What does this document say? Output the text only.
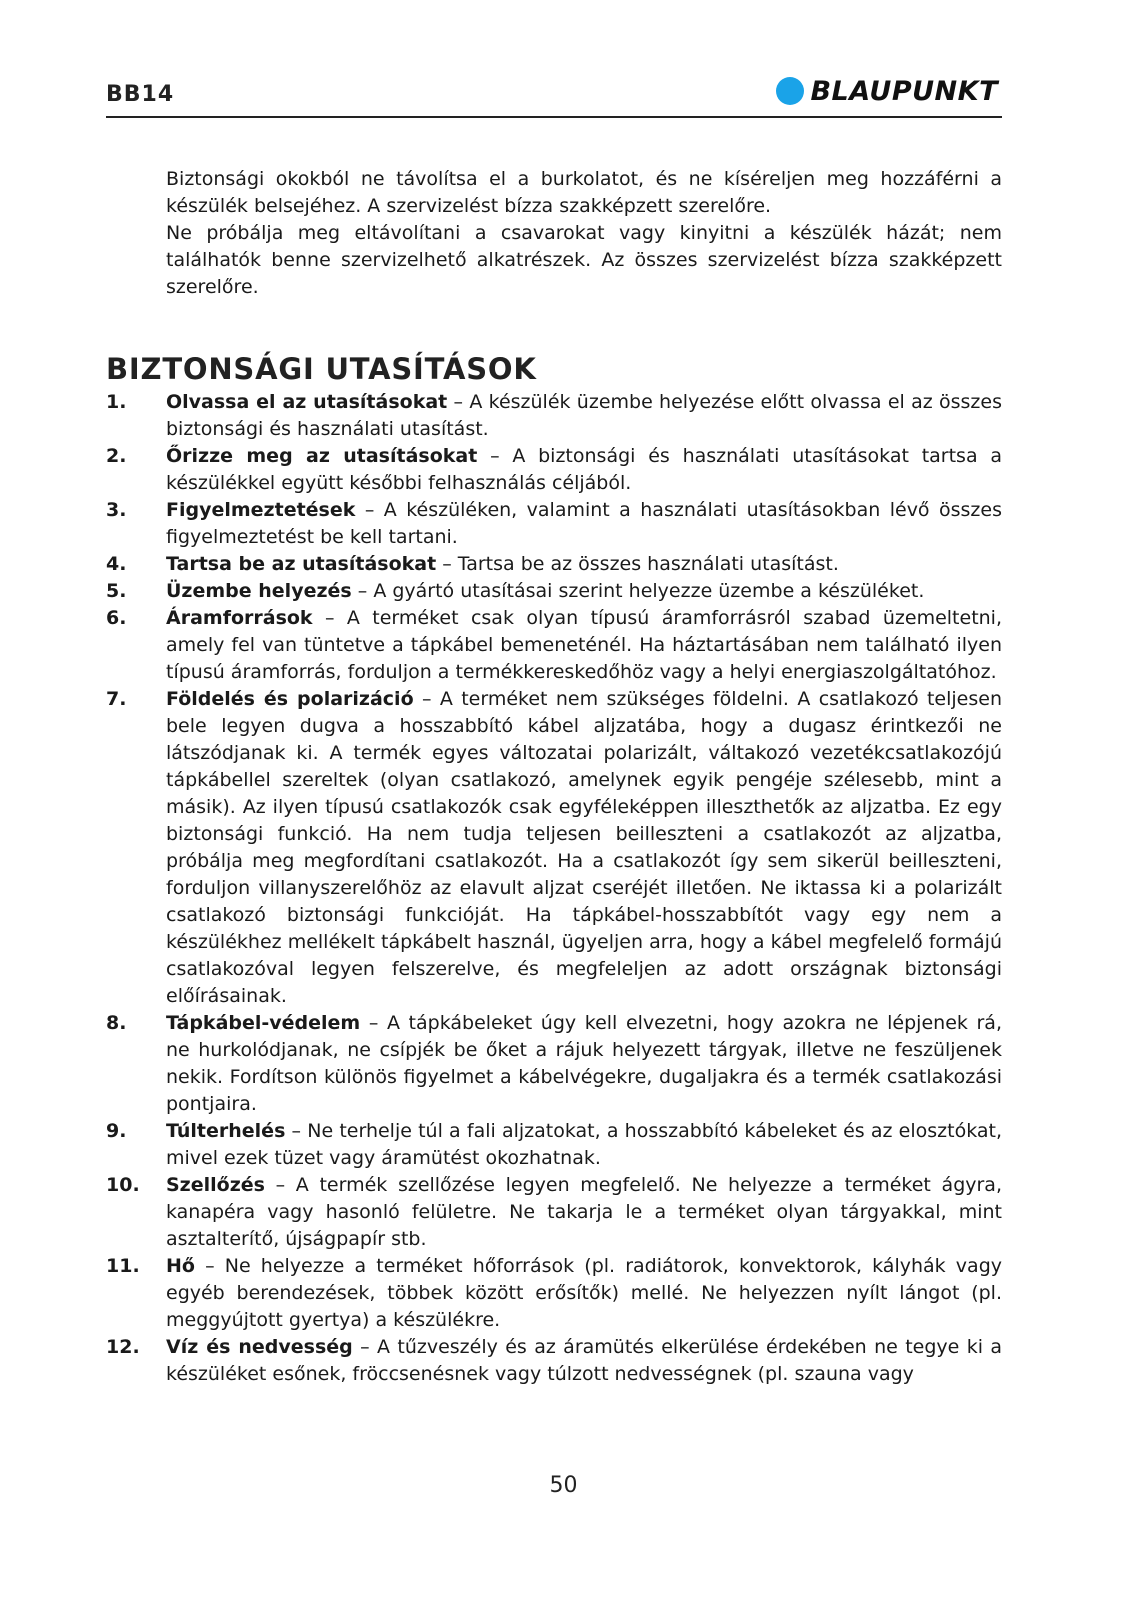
BB14	BLAUPUNKT

Biztonsági okokból ne távolítsa el a burkolatot, és ne kíséreljen meg hozzáférni a készülék belsejéhez. A szervizelést bízza szakképzett szerelőre.

Ne próbálja meg eltávolítani a csavarokat vagy kinyitni a készülék házát; nem találhatók benne szervizelhető alkatrészek. Az összes szervizelést bízza szakképzett szerelőre.

BIZTONSÁGI UTASÍTÁSOK
1. Olvassa el az utasításokat – A készülék üzembe helyezése előtt olvassa el az összes biztonsági és használati utasítást.
2. Őrizze meg az utasításokat – A biztonsági és használati utasításokat tartsa a készülékkel együtt későbbi felhasználás céljából.
3. Figyelmeztetések – A készüléken, valamint a használati utasításokban lévő összes figyelmeztetést be kell tartani.
4. Tartsa be az utasításokat – Tartsa be az összes használati utasítást.
5. Üzembe helyezés – A gyártó utasításai szerint helyezze üzembe a készüléket.
6. Áramforrások – A terméket csak olyan típusú áramforrásról szabad üzemeltetni, amely fel van tüntetve a tápkábel bemeneténél. Ha háztartásában nem található ilyen típusú áramforrás, forduljon a termékkereskedőhöz vagy a helyi energiaszolgáltatóhoz.
7. Földelés és polarizáció – A terméket nem szükséges földelni. A csatlakozó teljesen bele legyen dugva a hosszabbító kábel aljzatába, hogy a dugasz érintkezői ne látszódjanak ki. A termék egyes változatai polarizált, váltakozó vezetékcsatlakozójú tápkábellel szereltek (olyan csatlakozó, amelynek egyik pengéje szélesebb, mint a másik). Az ilyen típusú csatlakozók csak egyféleképpen illeszthetők az aljzatba. Ez egy biztonsági funkció. Ha nem tudja teljesen beilleszteni a csatlakozót az aljzatba, próbálja meg megfordítani csatlakozót. Ha a csatlakozót így sem sikerül beilleszteni, forduljon villanyszerelőhöz az elavult aljzat cseréjét illetően. Ne iktassa ki a polarizált csatlakozó biztonsági funkcióját. Ha tápkábel-hosszabbítót vagy egy nem a készülékhez mellékelt tápkábelt használ, ügyeljen arra, hogy a kábel megfelelő formájú csatlakozóval legyen felszerelve, és megfeleljen az adott országnak biztonsági előírásainak.
8. Tápkábel-védelem – A tápkábeleket úgy kell elvezetni, hogy azokra ne lépjenek rá, ne hurkolódjanak, ne csípjék be őket a rájuk helyezett tárgyak, illetve ne feszüljenek nekik. Fordítson különös figyelmet a kábelvégekre, dugaljakra és a termék csatlakozási pontjaira.
9. Túlterhelés – Ne terhelje túl a fali aljzatokat, a hosszabbító kábeleket és az elosztókat, mivel ezek tüzet vagy áramütést okozhatnak.
10. Szellőzés – A termék szellőzése legyen megfelelő. Ne helyezze a terméket ágyra, kanapéra vagy hasonló felületre. Ne takarja le a terméket olyan tárgyakkal, mint asztalterítő, újságpapír stb.
11. Hő – Ne helyezze a terméket hőforrások (pl. radiátorok, konvektorok, kályhák vagy egyéb berendezések, többek között erősítők) mellé. Ne helyezzen nyílt lángot (pl. meggyújtott gyertya) a készülékre.
12. Víz és nedvesség – A tűzveszély és az áramütés elkerülése érdekében ne tegye ki a készüléket esőnek, fröccsenésnek vagy túlzott nedvességnek (pl. szauna vagy
50
